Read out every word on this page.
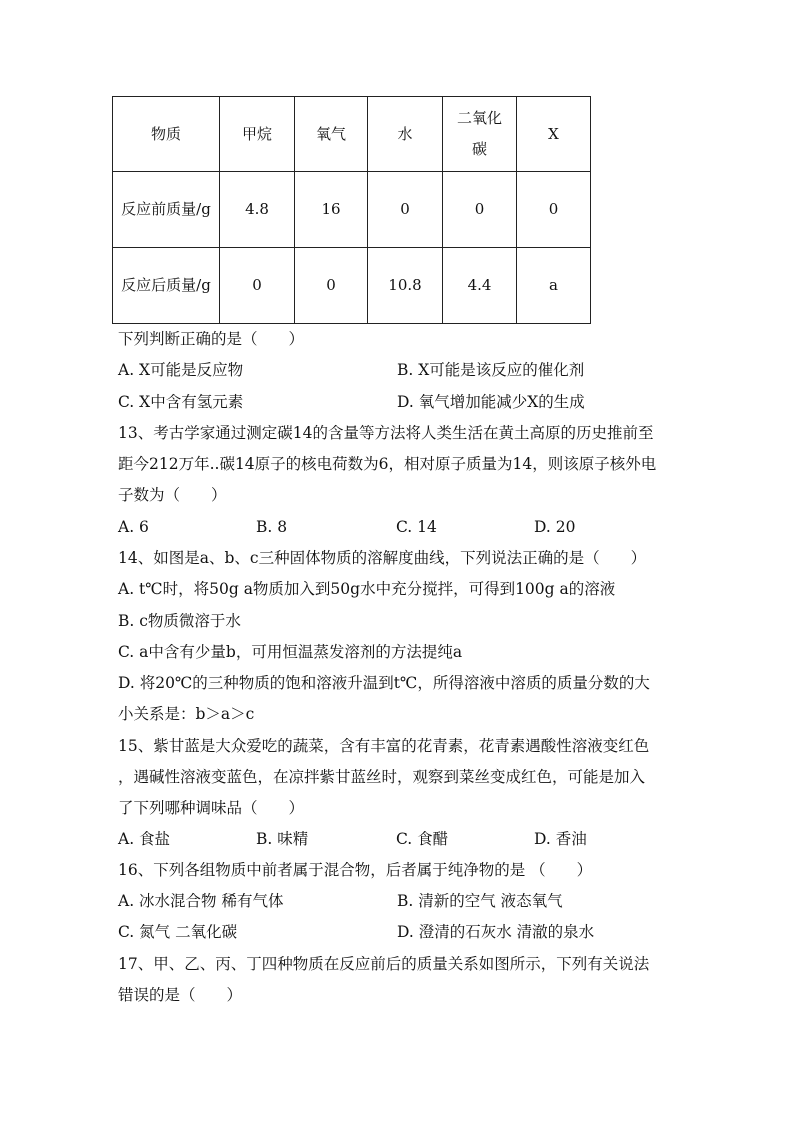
物质	甲烷	氧气	水	二氧化碳	X
反应前质量/g	4.8	16	0	0	0
反应后质量/g	0	0	10.8	4.4	a
下列判断正确的是（　　）
A. X可能是反应物	B. X可能是该反应的催化剂
C. X中含有氢元素	D. 氧气增加能减少X的生成
13、考古学家通过测定碳14的含量等方法将人类生活在黄土高原的历史推前至
距今212万年..碳14原子的核电荷数为6，相对原子质量为14，则该原子核外电
子数为（　　）
A. 6	B. 8	C. 14	D. 20
14、如图是a、b、c三种固体物质的溶解度曲线，下列说法正确的是（　　）
A. t℃时，将50g a物质加入到50g水中充分搅拌，可得到100g a的溶液
B. c物质微溶于水
C. a中含有少量b，可用恒温蒸发溶剂的方法提纯a
D. 将20℃的三种物质的饱和溶液升温到t℃，所得溶液中溶质的质量分数的大
小关系是：b＞a＞c
15、紫甘蓝是大众爱吃的蔬菜，含有丰富的花青素，花青素遇酸性溶液变红色
，遇碱性溶液变蓝色，在凉拌紫甘蓝丝时，观察到菜丝变成红色，可能是加入
了下列哪种调味品（　　）
A. 食盐	B. 味精	C. 食醋	D. 香油
16、下列各组物质中前者属于混合物，后者属于纯净物的是 （　　）
A. 冰水混合物 稀有气体	B. 清新的空气 液态氧气
C. 氮气 二氧化碳	D. 澄清的石灰水 清澈的泉水
17、甲、乙、丙、丁四种物质在反应前后的质量关系如图所示，下列有关说法
错误的是（　　）
